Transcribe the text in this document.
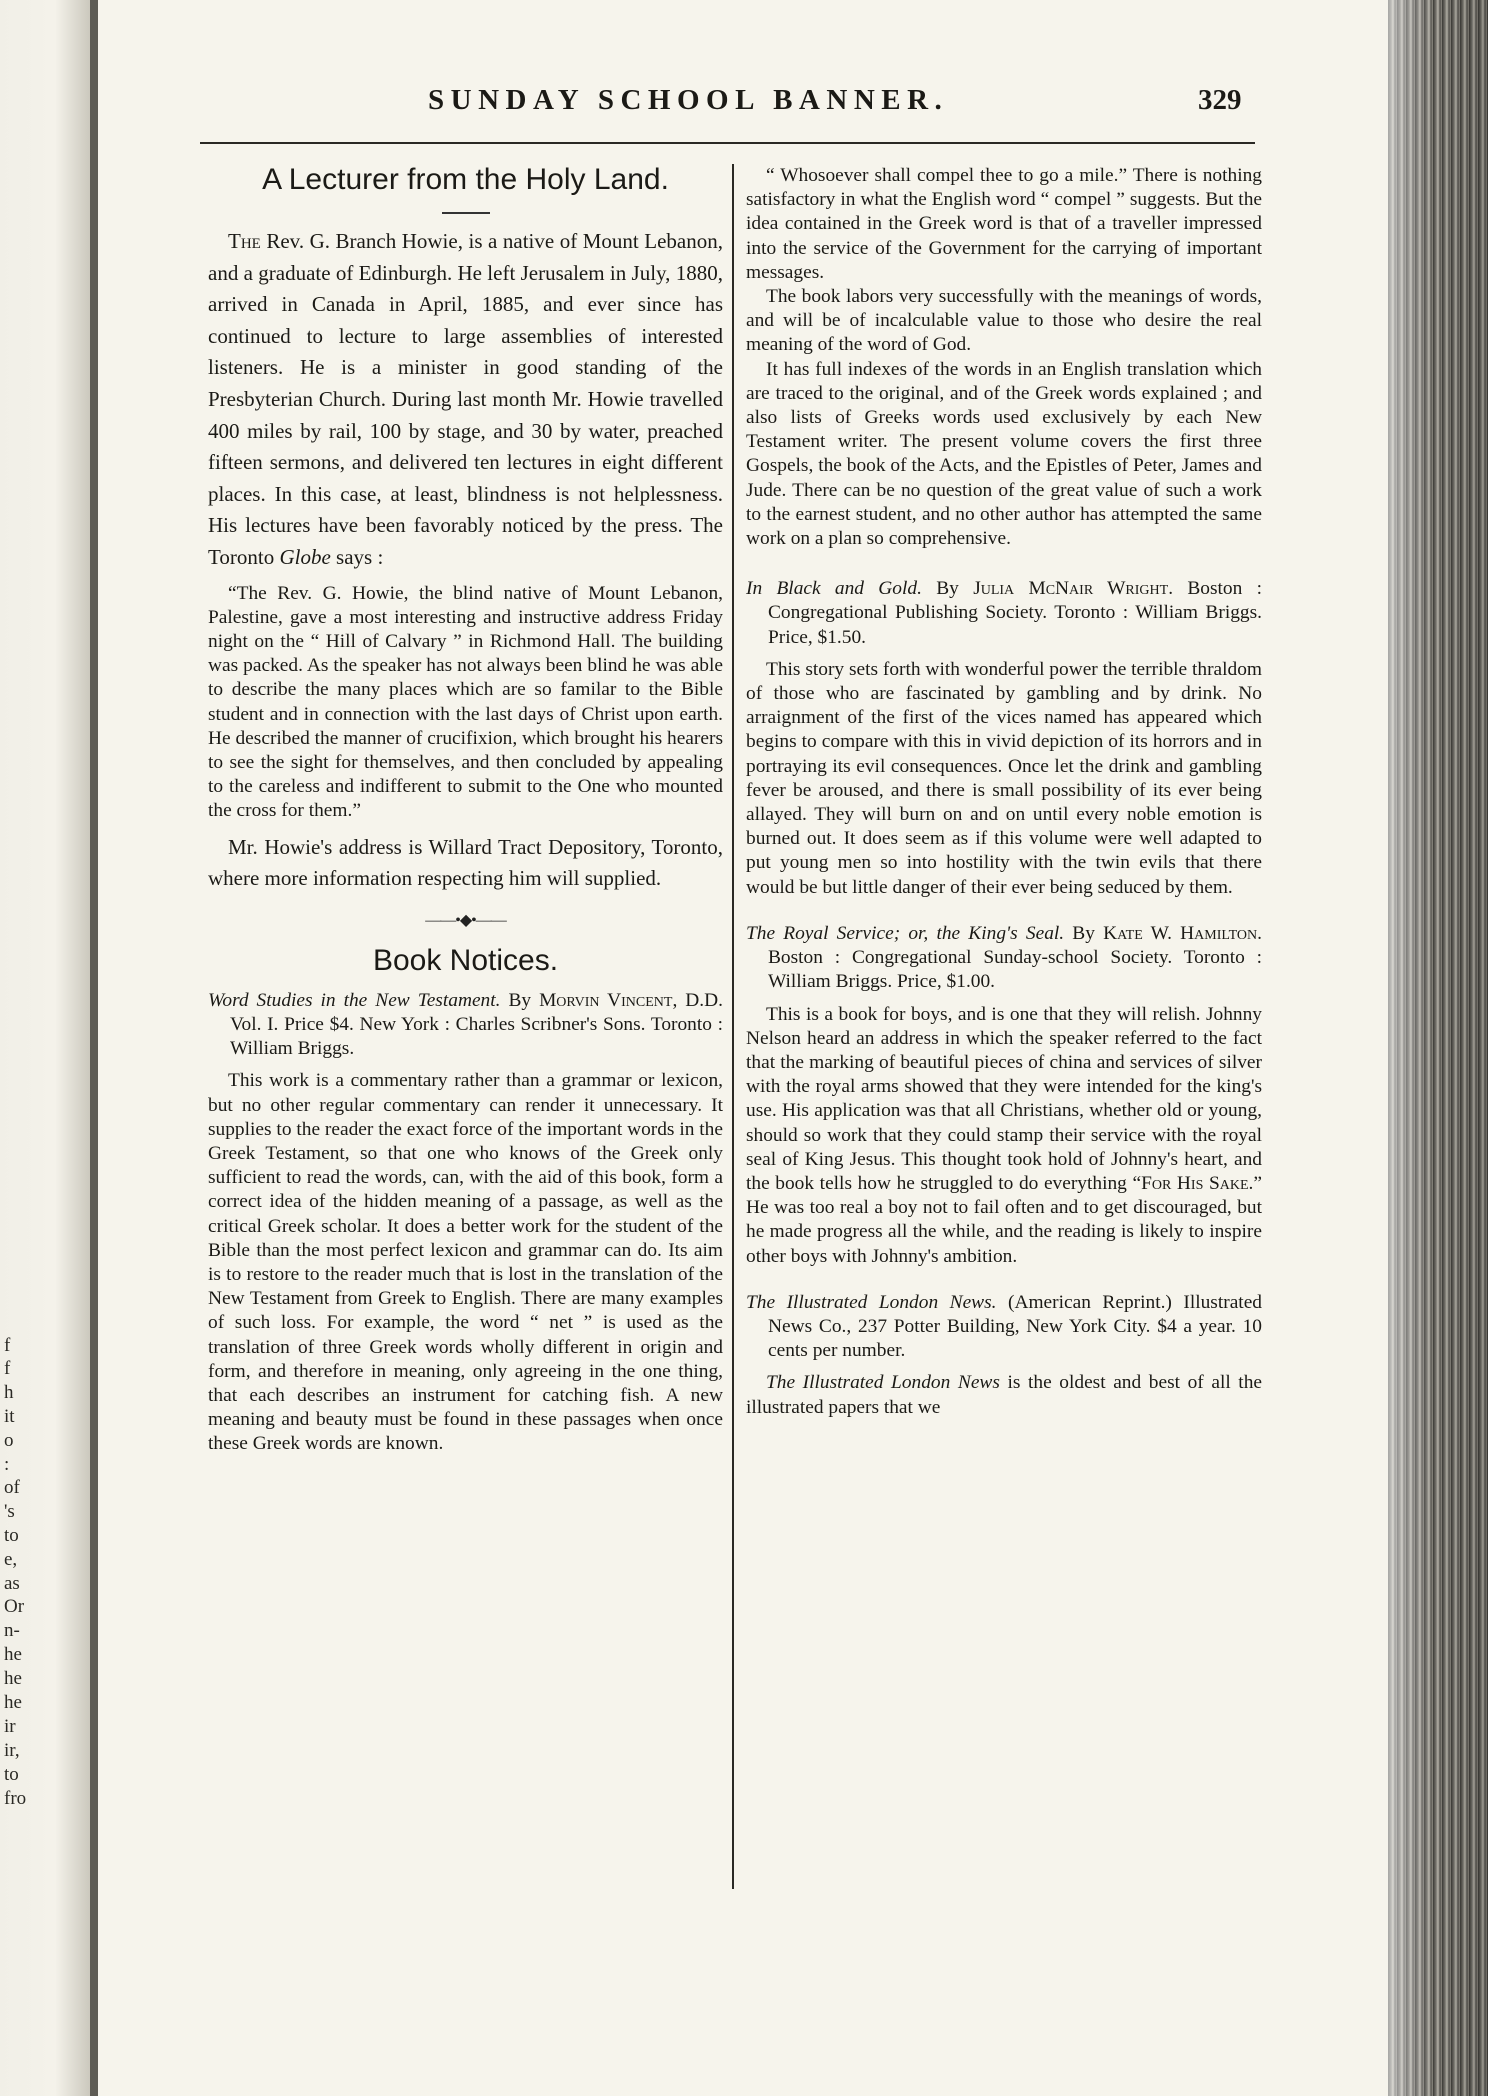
f
f
h
it
o
:
of
's
to
e,
as
Or
n-
he
he
he
ir
ir,
to
fro
SUNDAY SCHOOL BANNER.	329
A Lecturer from the Holy Land.

The Rev. G. Branch Howie, is a native of Mount Lebanon, and a graduate of Edinburgh. He left Jerusalem in July, 1880, arrived in Canada in April, 1885, and ever since has continued to lecture to large assemblies of interested listeners. He is a minister in good standing of the Presbyterian Church. During last month Mr. Howie travelled 400 miles by rail, 100 by stage, and 30 by water, preached fifteen sermons, and delivered ten lectures in eight different places. In this case, at least, blindness is not helplessness. His lectures have been favorably noticed by the press. The Toronto Globe says :

“The Rev. G. Howie, the blind native of Mount Lebanon, Palestine, gave a most interesting and instructive address Friday night on the “ Hill of Calvary ” in Richmond Hall. The building was packed. As the speaker has not always been blind he was able to describe the many places which are so familar to the Bible student and in connection with the last days of Christ upon earth. He described the manner of crucifixion, which brought his hearers to see the sight for themselves, and then concluded by appealing to the careless and indifferent to submit to the One who mounted the cross for them.”

Mr. Howie's address is Willard Tract Depository, Toronto, where more information respecting him will supplied.

——•◆•——
Book Notices.

Word Studies in the New Testament. By Morvin Vincent, D.D. Vol. I. Price $4. New York : Charles Scribner's Sons. Toronto : William Briggs.

This work is a commentary rather than a grammar or lexicon, but no other regular commentary can render it unnecessary. It supplies to the reader the exact force of the important words in the Greek Testament, so that one who knows of the Greek only sufficient to read the words, can, with the aid of this book, form a correct idea of the hidden meaning of a passage, as well as the critical Greek scholar. It does a better work for the student of the Bible than the most perfect lexicon and grammar can do. Its aim is to restore to the reader much that is lost in the translation of the New Testament from Greek to English. There are many examples of such loss. For example, the word “ net ” is used as the translation of three Greek words wholly different in origin and form, and therefore in meaning, only agreeing in the one thing, that each describes an instrument for catching fish. A new meaning and beauty must be found in these passages when once these Greek words are known.

“ Whosoever shall compel thee to go a mile.” There is nothing satisfactory in what the English word “ compel ” suggests. But the idea contained in the Greek word is that of a traveller impressed into the service of the Government for the carrying of important messages.

The book labors very successfully with the meanings of words, and will be of incalculable value to those who desire the real meaning of the word of God.

It has full indexes of the words in an English translation which are traced to the original, and of the Greek words explained ; and also lists of Greeks words used exclusively by each New Testament writer. The present volume covers the first three Gospels, the book of the Acts, and the Epistles of Peter, James and Jude. There can be no question of the great value of such a work to the earnest student, and no other author has attempted the same work on a plan so comprehensive.

In Black and Gold. By Julia McNair Wright. Boston : Congregational Publishing Society. Toronto : William Briggs. Price, $1.50.

This story sets forth with wonderful power the terrible thraldom of those who are fascinated by gambling and by drink. No arraignment of the first of the vices named has appeared which begins to compare with this in vivid depiction of its horrors and in portraying its evil consequences. Once let the drink and gambling fever be aroused, and there is small possibility of its ever being allayed. They will burn on and on until every noble emotion is burned out. It does seem as if this volume were well adapted to put young men so into hostility with the twin evils that there would be but little danger of their ever being seduced by them.

The Royal Service; or, the King's Seal. By Kate W. Hamilton. Boston : Congregational Sunday-school Society. Toronto : William Briggs. Price, $1.00.

This is a book for boys, and is one that they will relish. Johnny Nelson heard an address in which the speaker referred to the fact that the marking of beautiful pieces of china and services of silver with the royal arms showed that they were intended for the king's use. His application was that all Christians, whether old or young, should so work that they could stamp their service with the royal seal of King Jesus. This thought took hold of Johnny's heart, and the book tells how he struggled to do everything “For His Sake.” He was too real a boy not to fail often and to get discouraged, but he made progress all the while, and the reading is likely to inspire other boys with Johnny's ambition.

The Illustrated London News. (American Reprint.) Illustrated News Co., 237 Potter Building, New York City. $4 a year. 10 cents per number.

The Illustrated London News is the oldest and best of all the illustrated papers that we
